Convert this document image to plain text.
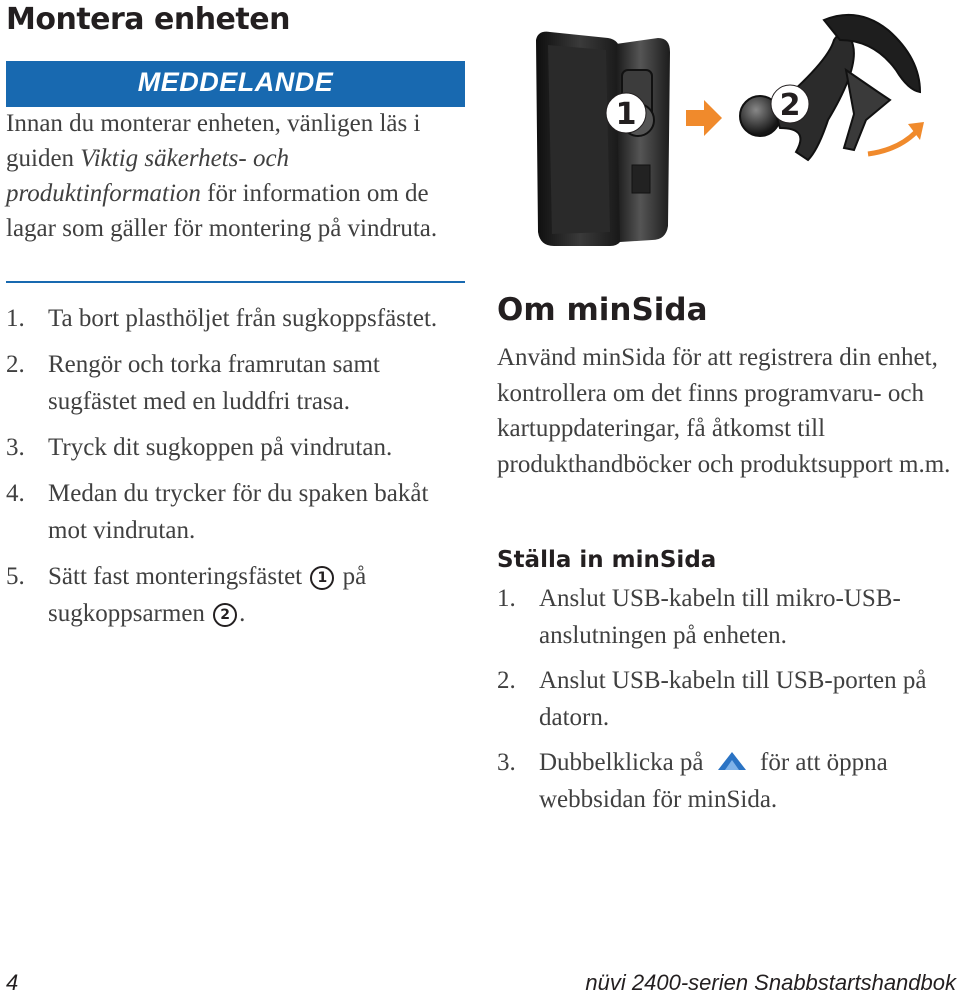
Montera enheten
MEDDELANDE
Innan du monterar enheten, vänligen läs i guiden Viktig säkerhets- och produktinformation för information om de lagar som gäller för montering på vindruta.
1. Ta bort plasthöljet från sugkoppsfästet.
2. Rengör och torka framrutan samt sugfästet med en luddfri trasa.
3. Tryck dit sugkoppen på vindrutan.
4. Medan du trycker för du spaken bakåt mot vindrutan.
5. Sätt fast monteringsfästet 1 på sugkoppsarmen 2 .
1	2
Om minSida
Använd minSida för att registrera din enhet, kontrollera om det finns programvaru- och kartuppdateringar, få åtkomst till produkthandböcker och produktsupport m.m.
Ställa in minSida
1. Anslut USB-kabeln till mikro-USB-anslutningen på enheten.
2. Anslut USB-kabeln till USB-porten på datorn.
3. Dubbelklicka på  för att öppna webbsidan för minSida.
4	nüvi 2400-serien Snabbstartshandbok
